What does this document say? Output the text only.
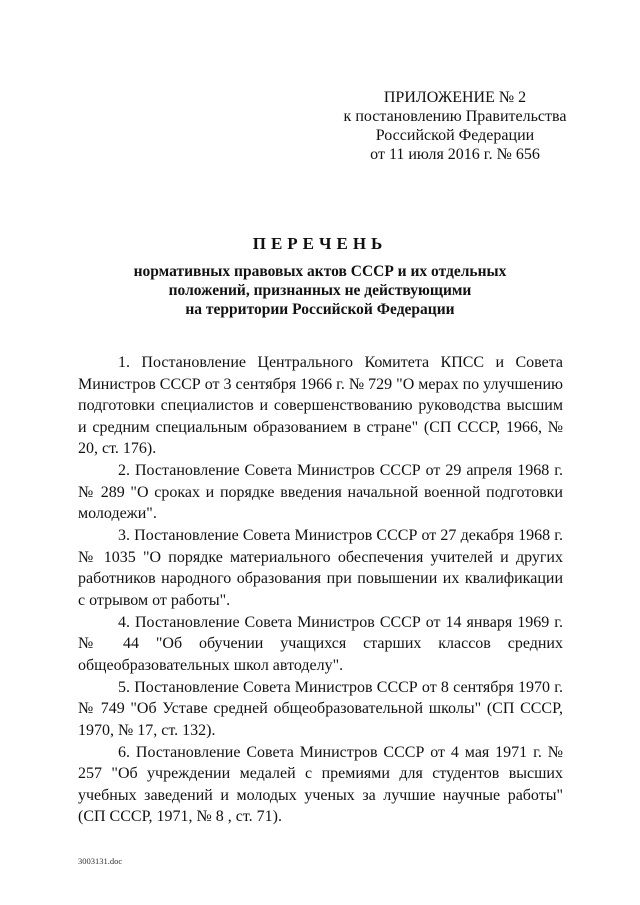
ПРИЛОЖЕНИЕ № 2
к постановлению Правительства
Российской Федерации
от 11 июля 2016 г. № 656
ПЕРЕЧЕНЬ
нормативных правовых актов СССР и их отдельных
положений, признанных не действующими
на территории Российской Федерации

1. Постановление Центрального Комитета КПСС и Совета Министров СССР от 3 сентября 1966 г. № 729 "О мерах по улучшению подготовки специалистов и совершенствованию руководства высшим и средним специальным образованием в стране" (СП СССР, 1966, № 20, ст. 176).

2. Постановление Совета Министров СССР от 29 апреля 1968 г. № 289 "О сроках и порядке введения начальной военной подготовки молодежи".

3. Постановление Совета Министров СССР от 27 декабря 1968 г. № 1035 "О порядке материального обеспечения учителей и других работников народного образования при повышении их квалификации с отрывом от работы".

4. Постановление Совета Министров СССР от 14 января 1969 г. № 44 "Об обучении учащихся старших классов средних общеобразовательных школ автоделу".

5. Постановление Совета Министров СССР от 8 сентября 1970 г. № 749 "Об Уставе средней общеобразовательной школы" (СП СССР, 1970, № 17, ст. 132).

6. Постановление Совета Министров СССР от 4 мая 1971 г. № 257 "Об учреждении медалей с премиями для студентов высших учебных заведений и молодых ученых за лучшие научные работы" (СП СССР, 1971, № 8 , ст. 71).

3003131.doc
